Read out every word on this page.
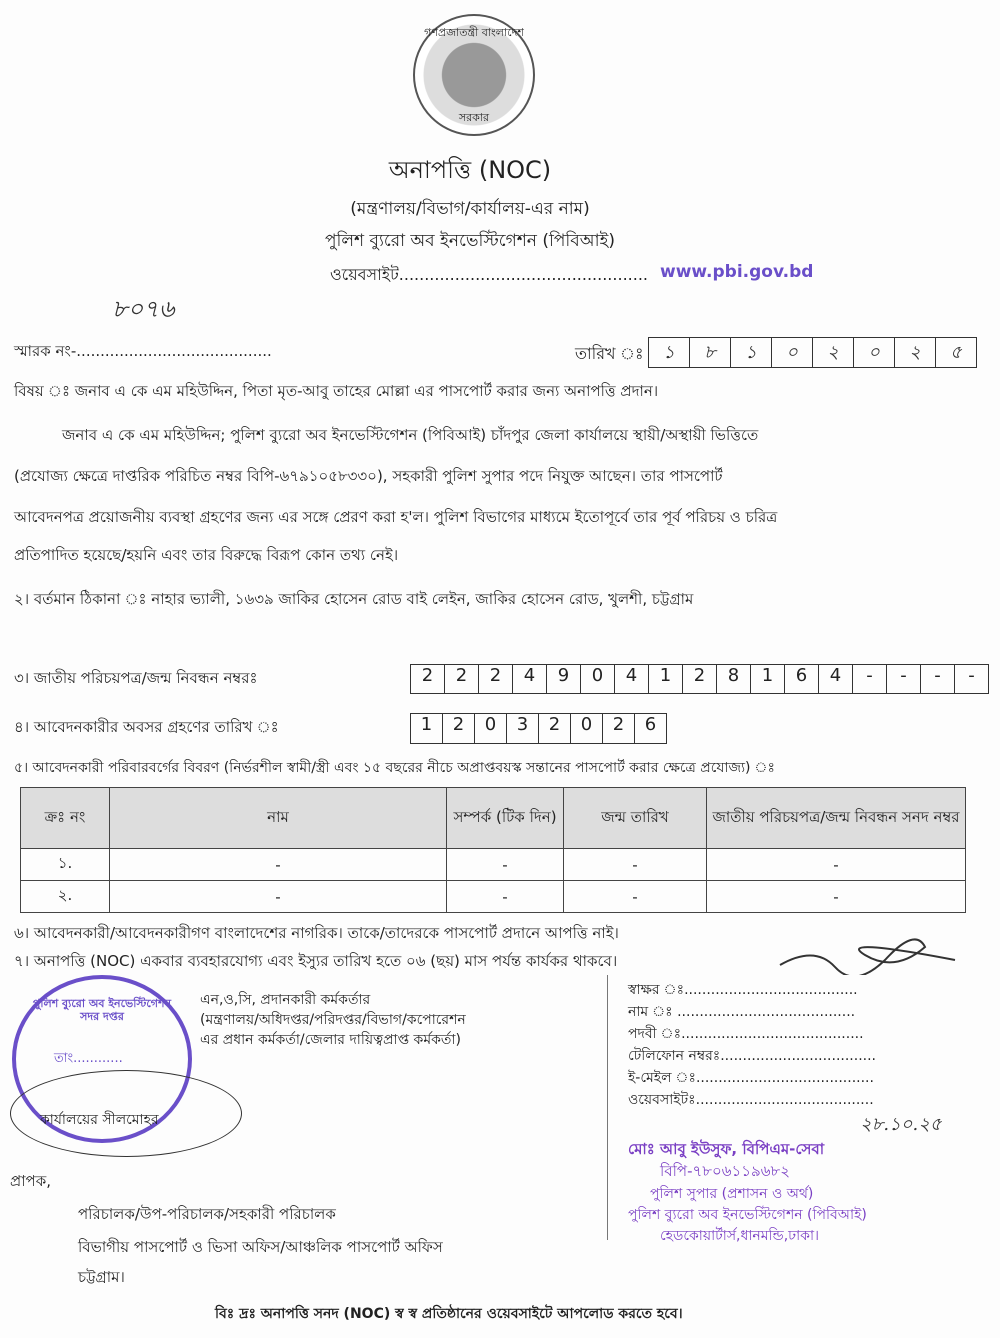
গণপ্রজাতন্ত্রী বাংলাদেশ
সরকার
অনাপত্তি (NOC)
(মন্ত্রণালয়/বিভাগ/কার্যালয়-এর নাম)
পুলিশ ব্যুরো অব ইনভেস্টিগেশন (পিবিআই)
ওয়েবসাইট................................................. www.pbi.gov.bd
৮০৭৬
স্মারক নং-.........................................	তারিখ ঃ	১	৮	১	০	২	০	২	৫
বিষয় ঃ জনাব এ কে এম মহিউদ্দিন, পিতা মৃত-আবু তাহের মোল্লা এর পাসপোর্ট করার জন্য অনাপত্তি প্রদান।
জনাব এ কে এম মহিউদ্দিন; পুলিশ ব্যুরো অব ইনভেস্টিগেশন (পিবিআই) চাঁদপুর জেলা কার্যালয়ে স্থায়ী/অস্থায়ী ভিত্তিতে
(প্রযোজ্য ক্ষেত্রে দাপ্তরিক পরিচিত নম্বর বিপি-৬৭৯১০৫৮৩৩০), সহকারী পুলিশ সুপার পদে নিযুক্ত আছেন। তার পাসপোর্ট
আবেদনপত্র প্রয়োজনীয় ব্যবস্থা গ্রহণের জন্য এর সঙ্গে প্রেরণ করা হ'ল। পুলিশ বিভাগের মাধ্যমে ইতোপূর্বে তার পূর্ব পরিচয় ও চরিত্র
প্রতিপাদিত হয়েছে/হয়নি এবং তার বিরুদ্ধে বিরূপ কোন তথ্য নেই।
২। বর্তমান ঠিকানা ঃ নাহার ভ্যালী, ১৬৩৯ জাকির হোসেন রোড বাই লেইন, জাকির হোসেন রোড, খুলশী, চট্টগ্রাম
৩। জাতীয় পরিচয়পত্র/জন্ম নিবন্ধন নম্বরঃ	2	2	2	4	9	0	4	1	2	8	1	6	4	-	-	-	-
৪। আবেদনকারীর অবসর গ্রহণের তারিখ ঃ	1	2	0	3	2	0	2	6
৫। আবেদনকারী পরিবারবর্গের বিবরণ (নির্ভরশীল স্বামী/স্ত্রী এবং ১৫ বছরের নীচে অপ্রাপ্তবয়স্ক সন্তানের পাসপোর্ট করার ক্ষেত্রে প্রযোজ্য) ঃ
ক্রঃ নং	নাম	সম্পর্ক (টিক দিন)	জন্ম তারিখ	জাতীয় পরিচয়পত্র/জন্ম নিবন্ধন সনদ নম্বর
১.	-	-	-	-
২.	-	-	-	-
৬। আবেদনকারী/আবেদনকারীগণ বাংলাদেশের নাগরিক। তাকে/তাদেরকে পাসপোর্ট প্রদানে আপত্তি নাই।
৭। অনাপত্তি (NOC) একবার ব্যবহারযোগ্য এবং ইস্যুর তারিখ হতে ০৬ (ছয়) মাস পর্যন্ত কার্যকর থাকবে।
পুলিশ ব্যুরো অব ইনভেস্টিগেশন সদর দপ্তর
তাং............
কার্যালয়ের সীলমোহর
এন,ও,সি, প্রদানকারী কর্মকর্তার
(মন্ত্রণালয়/অধিদপ্তর/পরিদপ্তর/বিভাগ/কপোরেশন
এর প্রধান কর্মকর্তা/জেলার দায়িত্বপ্রাপ্ত কর্মকর্তা)
স্বাক্ষর ঃ.......................................
নাম ঃ ........................................
পদবী ঃ.........................................
টেলিফোন নম্বরঃ...................................
ই-মেইল ঃ........................................
ওয়েবসাইটঃ........................................
২৮.১০.২৫
মোঃ আবু ইউসুফ, বিপিএম-সেবা
বিপি-৭৮০৬১১৯৬৮২
পুলিশ সুপার (প্রশাসন ও অর্থ)
পুলিশ ব্যুরো অব ইনভেস্টিগেশন (পিবিআই)
হেডকোয়ার্টার্স,ধানমন্ডি,ঢাকা।
প্রাপক,
পরিচালক/উপ-পরিচালক/সহকারী পরিচালক
বিভাগীয় পাসপোর্ট ও ভিসা অফিস/আঞ্চলিক পাসপোর্ট অফিস
চট্টগ্রাম।
বিঃ দ্রঃ অনাপত্তি সনদ (NOC) স্ব স্ব প্রতিষ্ঠানের ওয়েবসাইটে আপলোড করতে হবে।
